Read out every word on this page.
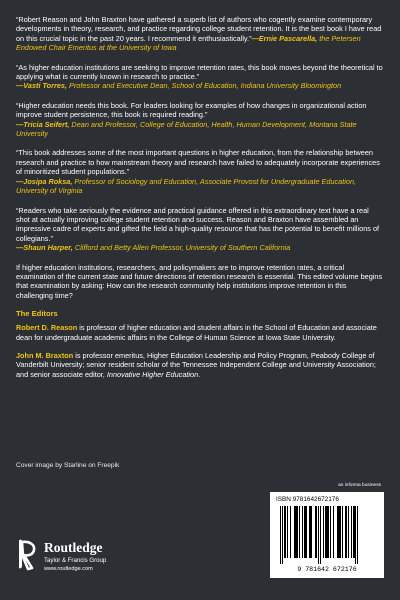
“Robert Reason and John Braxton have gathered a superb list of authors who cogently examine contemporary developments in theory, research, and practice regarding college student retention. It is the best book I have read on this crucial topic in the past 20 years. I recommend it enthusiastically.”—Ernie Pascarella, the Petersen Endowed Chair Emeritus at the University of Iowa

“As higher education institutions are seeking to improve retention rates, this book moves beyond the theoretical to applying what is currently known in research to practice.”
—Vasti Torres, Professor and Executive Dean, School of Education, Indiana University Bloomington

“Higher education needs this book. For leaders looking for examples of how changes in organizational action improve student persistence, this book is required reading.”
—Tricia Seifert, Dean and Professor, College of Education, Health, Human Development, Montana State University

“This book addresses some of the most important questions in higher education, from the relationship between research and practice to how mainstream theory and research have failed to adequately incorporate experiences of minoritized student populations.”
—Josipa Roksa, Professor of Sociology and Education, Associate Provost for Undergraduate Education, University of Virginia

“Readers who take seriously the evidence and practical guidance offered in this extraordinary text have a real shot at actually improving college student retention and success. Reason and Braxton have assembled an impressive cadre of experts and gifted the field a high-quality resource that has the potential to benefit millions of collegians.”
—Shaun Harper, Clifford and Betty Allen Professor, University of Southern California

If higher education institutions, researchers, and policymakers are to improve retention rates, a critical examination of the current state and future directions of retention research is essential. This edited volume begins that examination by asking: How can the research community help institutions improve retention in this challenging time?

The Editors

Robert D. Reason is professor of higher education and student affairs in the School of Education and associate dean for undergraduate academic affairs in the College of Human Science at Iowa State University.

John M. Braxton is professor emeritus, Higher Education Leadership and Policy Program, Peabody College of Vanderbilt University; senior resident scholar of the Tennessee Independent College and University Association; and senior associate editor, Innovative Higher Education.

Cover image by Starline on Freepik
an informa business
ISBN 9781642672176
9 781642 672176
Routledge
Taylor & Francis Group
www.routledge.com
